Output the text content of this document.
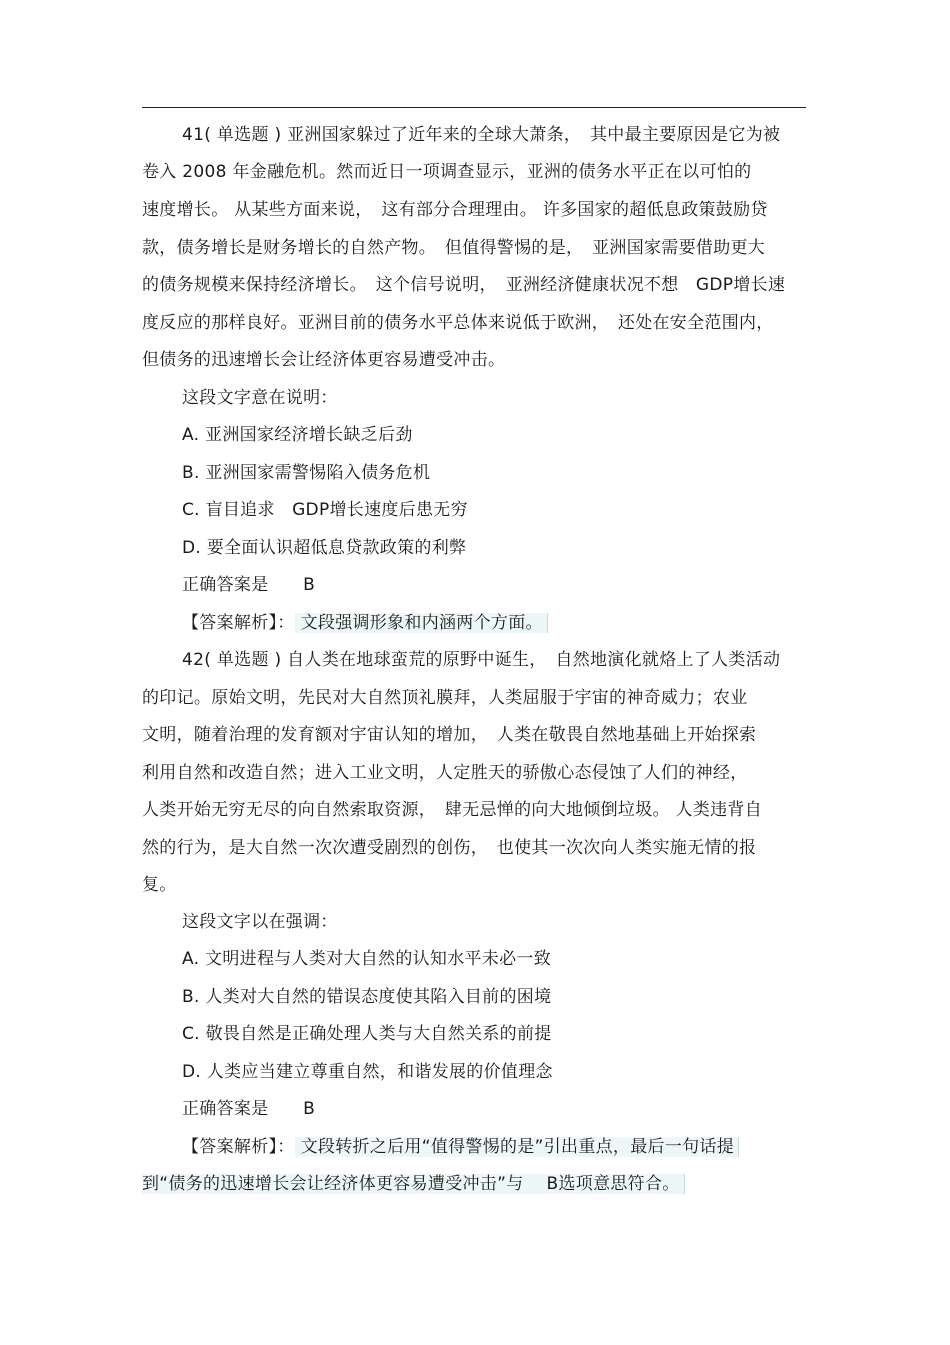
41( 单选题 ) 亚洲国家躲过了近年来的全球大萧条，　其中最主要原因是它为被
卷入 2008 年金融危机。然而近日一项调查显示，亚洲的债务水平正在以可怕的
速度增长。 从某些方面来说，　这有部分合理理由。 许多国家的超低息政策鼓励贷
款，债务增长是财务增长的自然产物。　但值得警惕的是，　亚洲国家需要借助更大
的债务规模来保持经济增长。　这个信号说明，　亚洲经济健康状况不想　GDP增长速
度反应的那样良好。亚洲目前的债务水平总体来说低于欧洲，　还处在安全范围内，
但债务的迅速增长会让经济体更容易遭受冲击。
这段文字意在说明：
A. 亚洲国家经济增长缺乏后劲
B. 亚洲国家需警惕陷入债务危机
C. 盲目追求　GDP增长速度后患无穷
D. 要全面认识超低息贷款政策的利弊
正确答案是　　B
【答案解析】： 文段强调形象和内涵两个方面。
42( 单选题 ) 自人类在地球蛮荒的原野中诞生，　自然地演化就烙上了人类活动
的印记。原始文明，先民对大自然顶礼膜拜，人类屈服于宇宙的神奇威力；农业
文明，随着治理的发育额对宇宙认知的增加，　人类在敬畏自然地基础上开始探索
利用自然和改造自然；进入工业文明，人定胜天的骄傲心态侵蚀了人们的神经，
人类开始无穷无尽的向自然索取资源，　肆无忌惮的向大地倾倒垃圾。 人类违背自
然的行为，是大自然一次次遭受剧烈的创伤，　也使其一次次向人类实施无情的报
复。
这段文字以在强调：
A. 文明进程与人类对大自然的认知水平未必一致
B. 人类对大自然的错误态度使其陷入目前的困境
C. 敬畏自然是正确处理人类与大自然关系的前提
D. 人类应当建立尊重自然，和谐发展的价值理念
正确答案是　　B
【答案解析】： 文段转折之后用“值得警惕的是”引出重点，最后一句话提
到“债务的迅速增长会让经济体更容易遭受冲击”与　 B选项意思符合。
